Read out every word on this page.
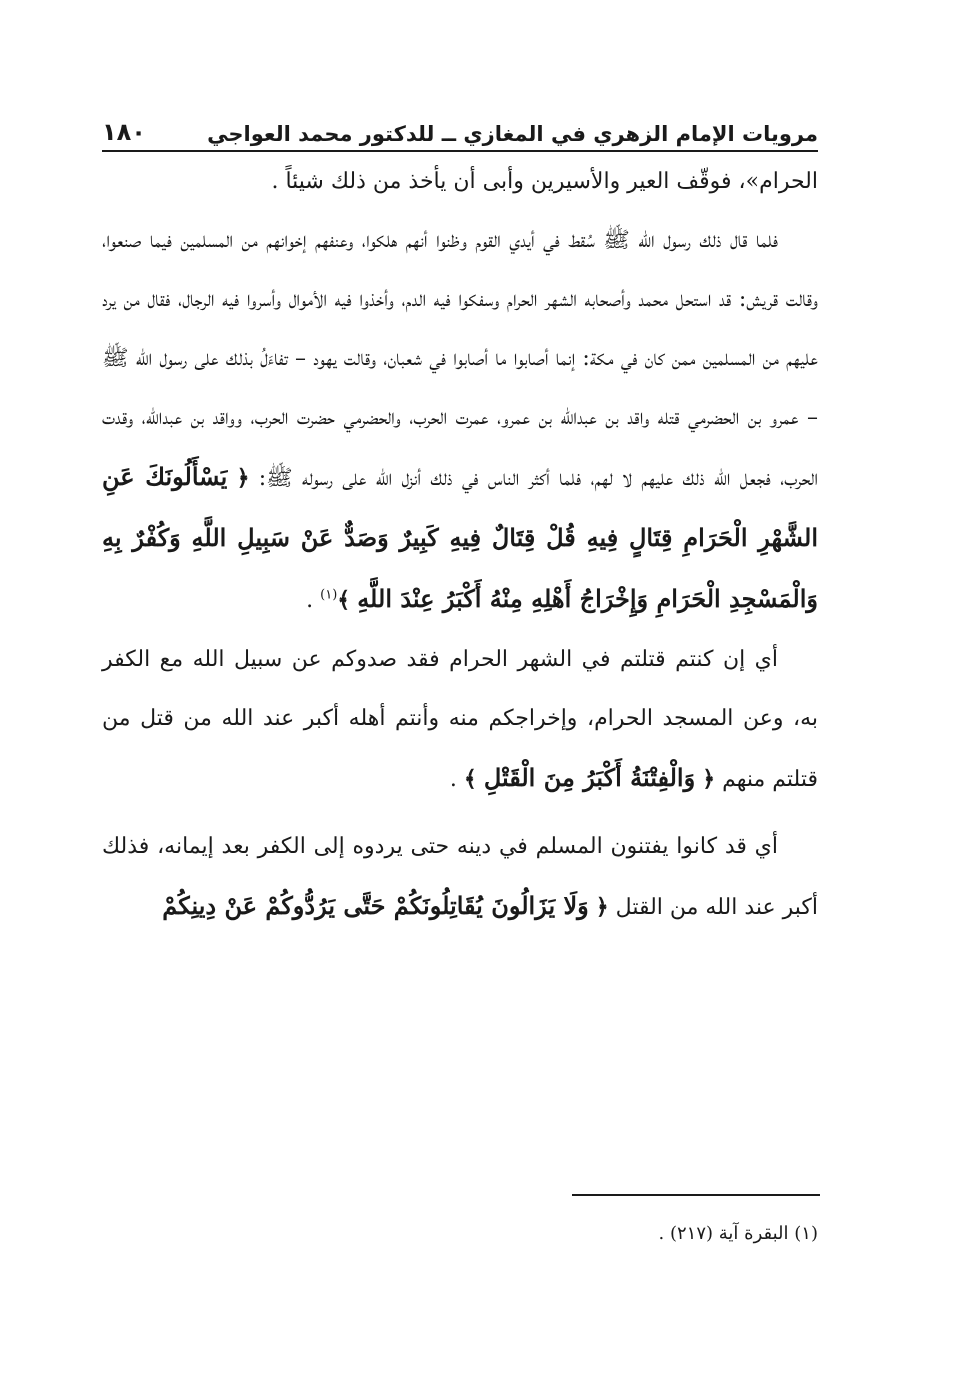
مرويات الإمام الزهري في المغازي ــ للدكتور محمد العواجي
١٨٠

الحرام»، فوقّف العير والأسيرين وأبى أن يأخذ من ذلك شيئاً .

فلما قال ذلك رسول الله ﷺ سُقط في أيدي القوم وظنوا أنهم هلكوا، وعنفهم إخوانهم من المسلمين فيما صنعوا، وقالت قريش: قد استحل محمد وأصحابه الشهر الحرام وسفكوا فيه الدم، وأخذوا فيه الأموال وأسروا فيه الرجال، فقال من يرد عليهم من المسلمين ممن كان في مكة: إنما أصابوا ما أصابوا في شعبان، وقالت يهود – تفاءَلُ بذلك على رسول الله ﷺ – عمرو بن الحضرمي قتله واقد بن عبدالله بن عمرو، عمرت الحرب، والحضرمي حضرت الحرب، وواقد بن عبدالله، وقدت الحرب، فجعل الله ذلك عليهم لا لهم، فلما أكثر الناس في ذلك أنزل الله على رسوله ﷺ: ﴿ يَسْأَلُونَكَ عَنِ الشَّهْرِ الْحَرَامِ قِتَالٍ فِيهِ قُلْ قِتَالٌ فِيهِ كَبِيرٌ وَصَدٌّ عَنْ سَبِيلِ اللَّهِ وَكُفْرٌ بِهِ وَالْمَسْجِدِ الْحَرَامِ وَإِخْرَاجُ أَهْلِهِ مِنْهُ أَكْبَرُ عِنْدَ اللَّهِ ﴾$^{(١)}$ .

أي إن كنتم قتلتم في الشهر الحرام فقد صدوكم عن سبيل الله مع الكفر به، وعن المسجد الحرام، وإخراجكم منه وأنتم أهله أكبر عند الله من قتل من قتلتم منهم ﴿ وَالْفِتْنَةُ أَكْبَرُ مِنَ الْقَتْلِ ﴾ .

أي قد كانوا يفتنون المسلم في دينه حتى يردوه إلى الكفر بعد إيمانه، فذلك أكبر عند الله من القتل ﴿ وَلَا يَزَالُونَ يُقَاتِلُونَكُمْ حَتَّى يَرُدُّوكُمْ عَنْ دِينِكُمْ

(١) البقرة آية (٢١٧) .
